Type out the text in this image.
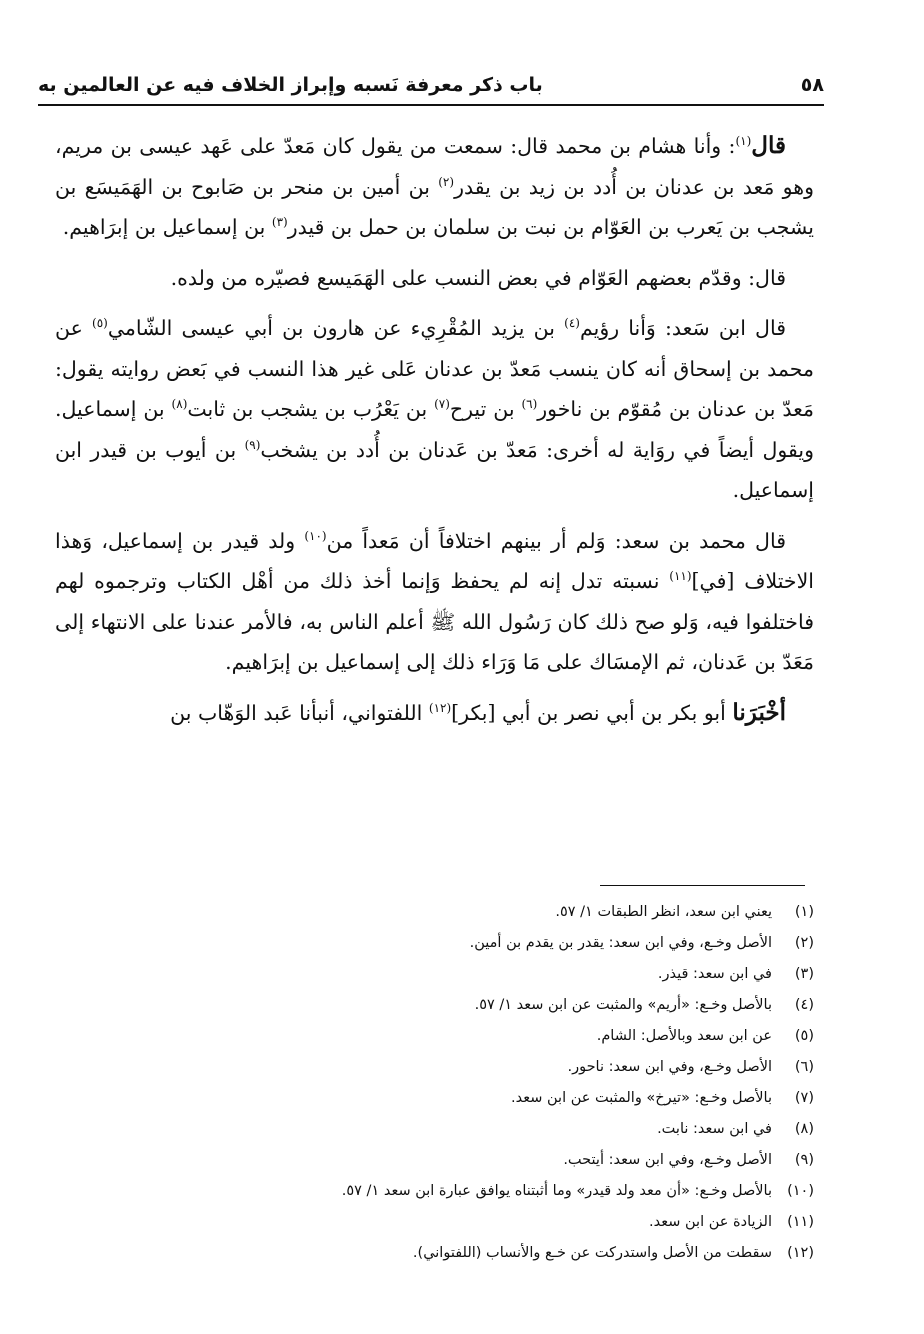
٥٨
باب ذكر معرفة نَسبه وإبراز الخلاف فيه عن العالمين به

قال$^{(١)}$: وأنا هشام بن محمد قال: سمعت من يقول كان مَعدّ على عَهد عيسى بن مريم، وهو مَعد بن عدنان بن أُدد بن زيد بن يقدر$^{(٢)}$ بن أمين بن منحر بن صَابوح بن الهَمَيسَع بن يشجب بن يَعرب بن العَوّام بن نبت بن سلمان بن حمل بن قيدر$^{(٣)}$ بن إسماعيل بن إبرَاهيم.

قال: وقدّم بعضهم العَوّام في بعض النسب على الهَمَيسع فصيّره من ولده.

قال ابن سَعد: وَأنا رؤيم$^{(٤)}$ بن يزيد المُقْرِيء عن هارون بن أبي عيسى الشّامي$^{(٥)}$ عن محمد بن إسحاق أنه كان ينسب مَعدّ بن عدنان عَلى غير هذا النسب في بَعض روايته يقول: مَعدّ بن عدنان بن مُقوّم بن ناخور$^{(٦)}$ بن تيرح$^{(٧)}$ بن يَعْرُب بن يشجب بن ثابت$^{(٨)}$ بن إسماعيل. ويقول أيضاً في روَاية له أخرى: مَعدّ بن عَدنان بن أُدد بن يشخب$^{(٩)}$ بن أيوب بن قيدر ابن إسماعيل.

قال محمد بن سعد: وَلم أر بينهم اختلافاً أن مَعداً من$^{(١٠)}$ ولد قيدر بن إسماعيل، وَهذا الاختلاف [في]$^{(١١)}$ نسبته تدل إنه لم يحفظ وَإنما أخذ ذلك من أهْل الكتاب وترجموه لهم فاختلفوا فيه، وَلو صح ذلك كان رَسُول الله ﷺ أعلم الناس به، فالأمر عندنا على الانتهاء إلى مَعَدّ بن عَدنان، ثم الإمسَاك على مَا وَرَاء ذلك إلى إسماعيل بن إبرَاهيم.

أخْبَرَنا أبو بكر بن أبي نصر بن أبي [بكر]$^{(١٢)}$ اللفتواني، أنبأنا عَبد الوَهّاب بن

(١)
يعني ابن سعد، انظر الطبقات ١/ ٥٧.
(٢)
الأصل وخـع، وفي ابن سعد: يقدر بن يقدم بن أمين.
(٣)
في ابن سعد: قيذر.
(٤)
بالأصل وخـع: «أريم» والمثبت عن ابن سعد ١/ ٥٧.
(٥)
عن ابن سعد وبالأصل: الشام.
(٦)
الأصل وخـع، وفي ابن سعد: ناحور.
(٧)
بالأصل وخـع: «تيرخ» والمثبت عن ابن سعد.
(٨)
في ابن سعد: نابت.
(٩)
الأصل وخـع، وفي ابن سعد: أيتحب.
(١٠)
بالأصل وخـع: «أن معد ولد قيدر» وما أثبتناه يوافق عبارة ابن سعد ١/ ٥٧.
(١١)
الزيادة عن ابن سعد.
(١٢)
سقطت من الأصل واستدركت عن خـع والأنساب (اللفتواني).
